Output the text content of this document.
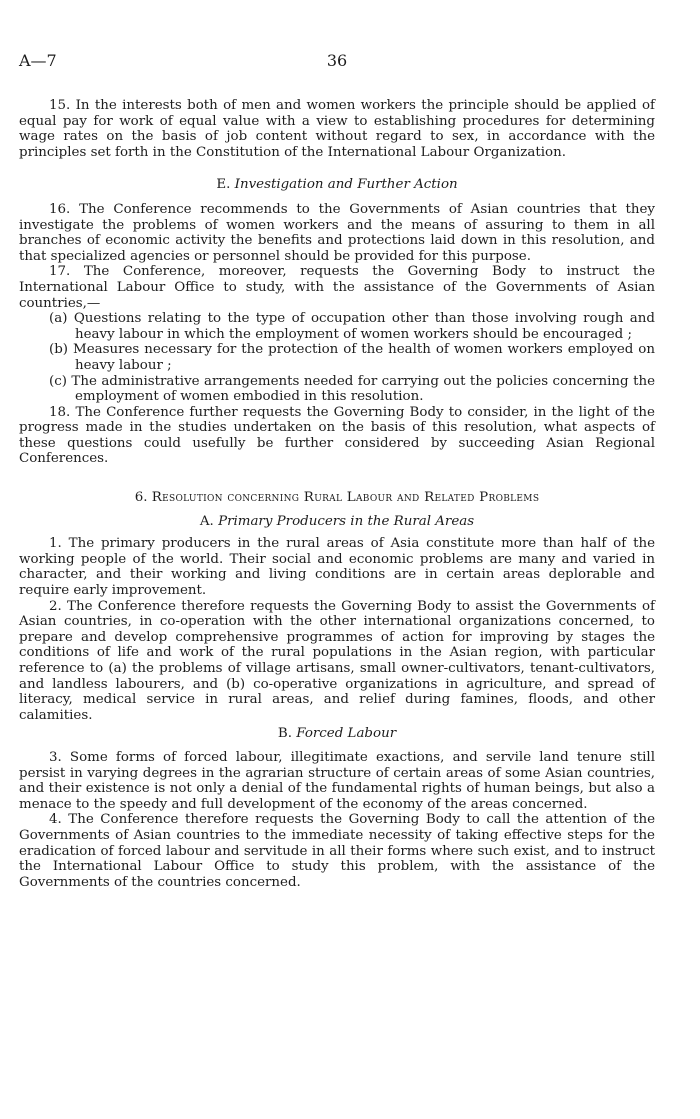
A—7	36

15. In the interests both of men and women workers the principle should be applied of equal pay for work of equal value with a view to establishing procedures for determining wage rates on the basis of job content without regard to sex, in accordance with the principles set forth in the Constitution of the International Labour Organization.

E. Investigation and Further Action

16. The Conference recommends to the Governments of Asian countries that they investigate the problems of women workers and the means of assuring to them in all branches of economic activity the benefits and protections laid down in this resolution, and that specialized agencies or personnel should be provided for this purpose.

17. The Conference, moreover, requests the Governing Body to instruct the International Labour Office to study, with the assistance of the Governments of Asian countries,—

(a) Questions relating to the type of occupation other than those involving rough and heavy labour in which the employment of women workers should be encouraged ;
(b) Measures necessary for the protection of the health of women workers employed on heavy labour ;
(c) The administrative arrangements needed for carrying out the policies concerning the employment of women embodied in this resolution.

18. The Conference further requests the Governing Body to consider, in the light of the progress made in the studies undertaken on the basis of this resolution, what aspects of these questions could usefully be further considered by succeeding Asian Regional Conferences.

6. Resolution concerning Rural Labour and Related Problems
A. Primary Producers in the Rural Areas

1. The primary producers in the rural areas of Asia constitute more than half of the working people of the world. Their social and economic problems are many and varied in character, and their working and living conditions are in certain areas deplorable and require early improvement.

2. The Conference therefore requests the Governing Body to assist the Governments of Asian countries, in co-operation with the other international organizations concerned, to prepare and develop comprehensive programmes of action for improving by stages the conditions of life and work of the rural populations in the Asian region, with particular reference to (a) the problems of village artisans, small owner-cultivators, tenant-cultivators, and landless labourers, and (b) co-operative organizations in agriculture, and spread of literacy, medical service in rural areas, and relief during famines, floods, and other calamities.

B. Forced Labour

3. Some forms of forced labour, illegitimate exactions, and servile land tenure still persist in varying degrees in the agrarian structure of certain areas of some Asian countries, and their existence is not only a denial of the fundamental rights of human beings, but also a menace to the speedy and full development of the economy of the areas concerned.

4. The Conference therefore requests the Governing Body to call the attention of the Governments of Asian countries to the immediate necessity of taking effective steps for the eradication of forced labour and servitude in all their forms where such exist, and to instruct the International Labour Office to study this problem, with the assistance of the Governments of the countries concerned.
